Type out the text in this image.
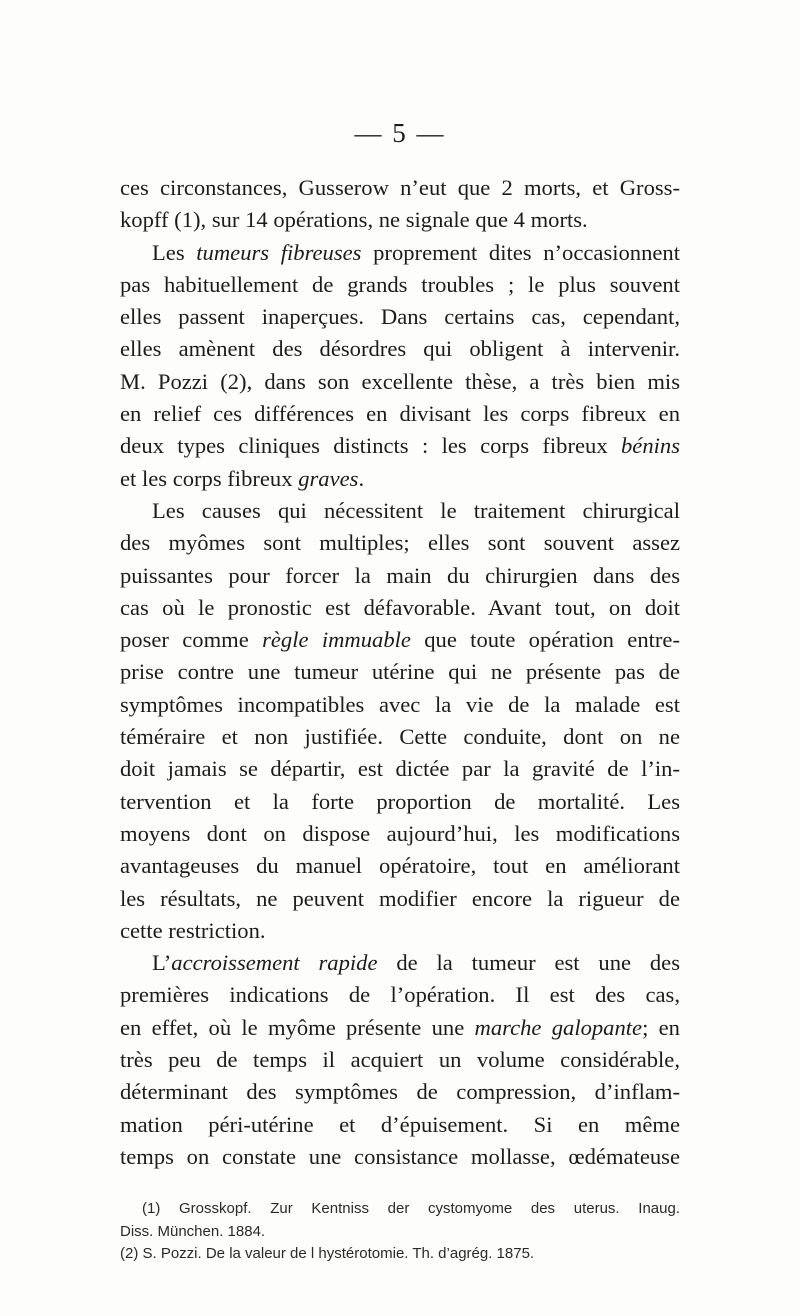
— 5 —
ces circonstances, Gusserow n’eut que 2 morts, et Gross-
kopff (1), sur 14 opérations, ne signale que 4 morts.
Les tumeurs fibreuses proprement dites n’occasionnent
pas habituellement de grands troubles ; le plus souvent
elles passent inaperçues. Dans certains cas, cependant,
elles amènent des désordres qui obligent à intervenir.
M. Pozzi (2), dans son excellente thèse, a très bien mis
en relief ces différences en divisant les corps fibreux en
deux types cliniques distincts : les corps fibreux bénins
et les corps fibreux graves.
Les causes qui nécessitent le traitement chirurgical
des myômes sont multiples; elles sont souvent assez
puissantes pour forcer la main du chirurgien dans des
cas où le pronostic est défavorable. Avant tout, on doit
poser comme règle immuable que toute opération entre-
prise contre une tumeur utérine qui ne présente pas de
symptômes incompatibles avec la vie de la malade est
téméraire et non justifiée. Cette conduite, dont on ne
doit jamais se départir, est dictée par la gravité de l’in-
tervention et la forte proportion de mortalité. Les
moyens dont on dispose aujourd’hui, les modifications
avantageuses du manuel opératoire, tout en améliorant
les résultats, ne peuvent modifier encore la rigueur de
cette restriction.
L’accroissement rapide de la tumeur est une des
premières indications de l’opération. Il est des cas,
en effet, où le myôme présente une marche galopante; en
très peu de temps il acquiert un volume considérable,
déterminant des symptômes de compression, d’inflam-
mation péri-utérine et d’épuisement. Si en même
temps on constate une consistance mollasse, œdémateuse
(1) Grosskopf. Zur Kentniss der cystomyome des uterus. Inaug.
Diss. München. 1884.
(2) S. Pozzi. De la valeur de l hystérotomie. Th. d’agrég. 1875.
